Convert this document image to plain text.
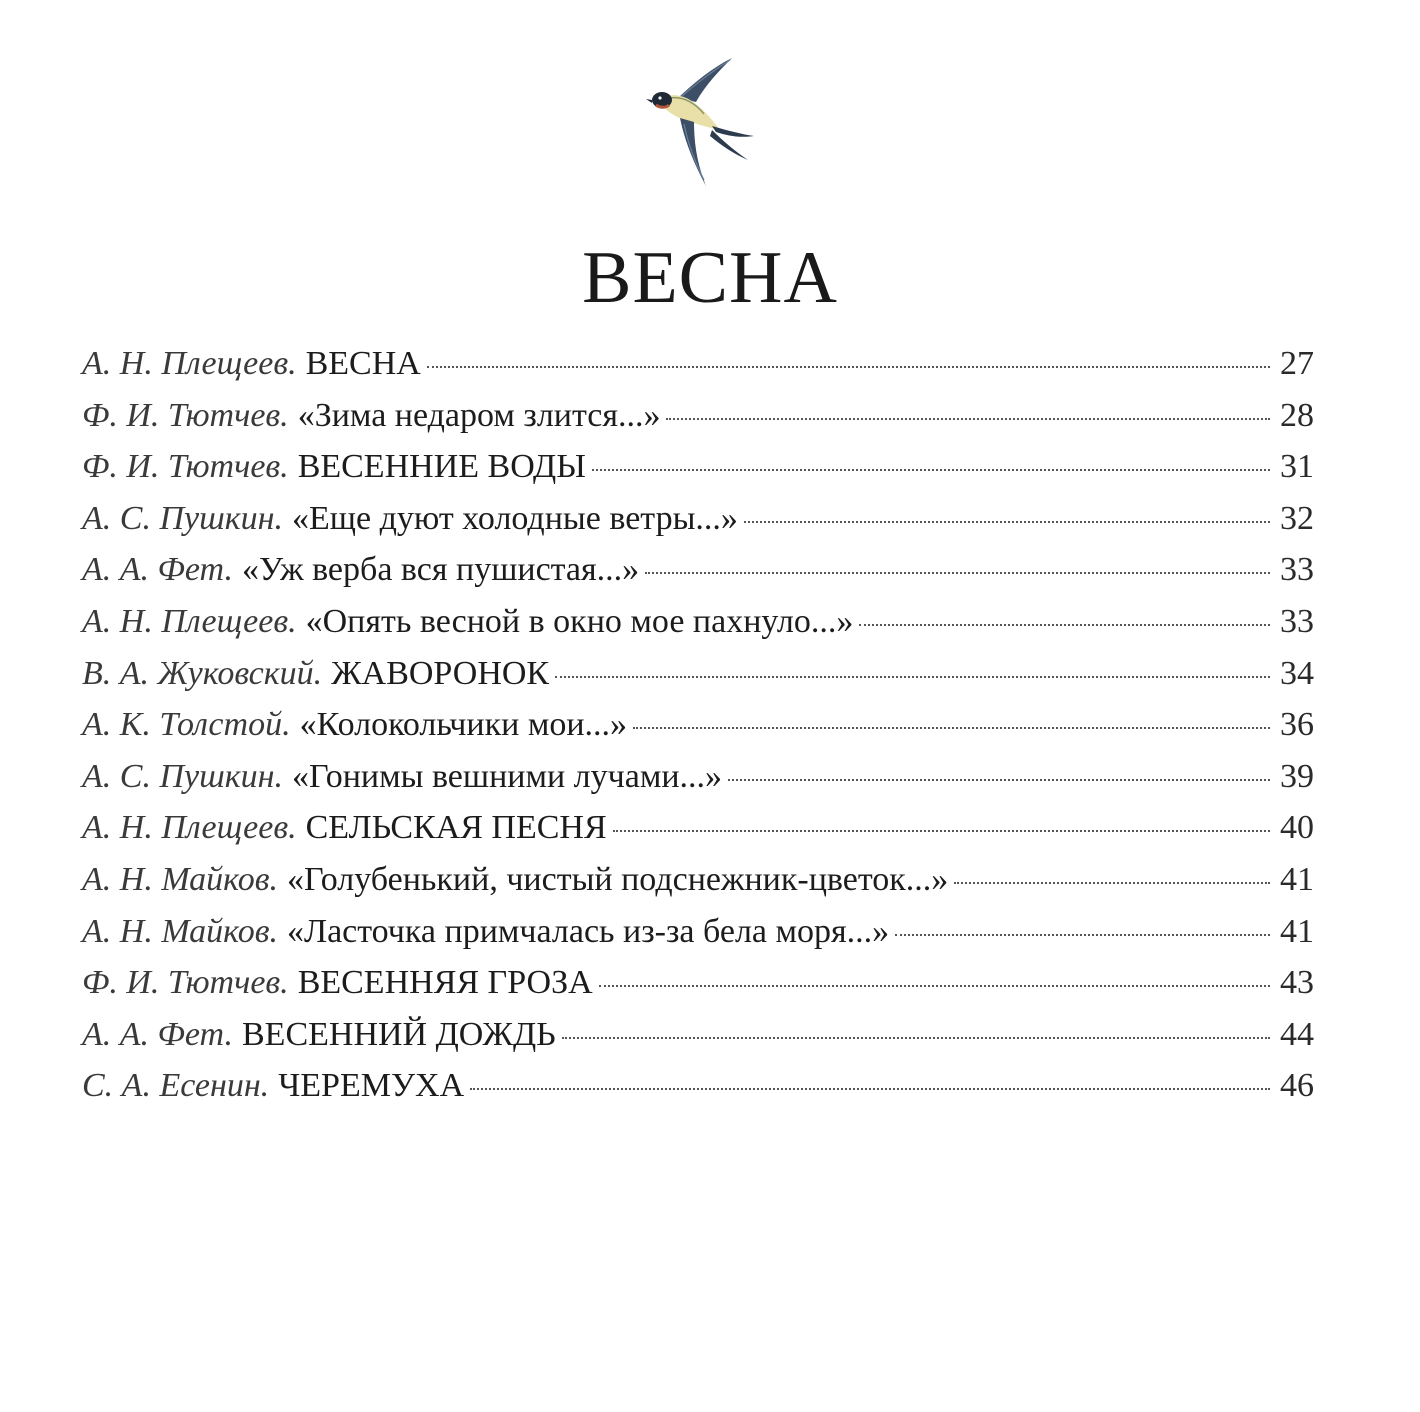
ВЕСНА
А. Н. Плещеев. ВЕСНА	27
Ф. И. Тютчев. «Зима недаром злится...»	28
Ф. И. Тютчев. ВЕСЕННИЕ ВОДЫ	31
А. С. Пушкин. «Еще дуют холодные ветры...»	32
А. А. Фет. «Уж верба вся пушистая...»	33
А. Н. Плещеев. «Опять весной в окно мое пахнуло...»	33
В. А. Жуковский. ЖАВОРОНОК	34
А. К. Толстой. «Колокольчики мои...»	36
А. С. Пушкин. «Гонимы вешними лучами...»	39
А. Н. Плещеев. СЕЛЬСКАЯ ПЕСНЯ	40
А. Н. Майков. «Голубенький, чистый подснежник-цветок...»	41
А. Н. Майков. «Ласточка примчалась из-за бела моря...»	41
Ф. И. Тютчев. ВЕСЕННЯЯ ГРОЗА	43
А. А. Фет. ВЕСЕННИЙ ДОЖДЬ	44
С. А. Есенин. ЧЕРЕМУХА	46
